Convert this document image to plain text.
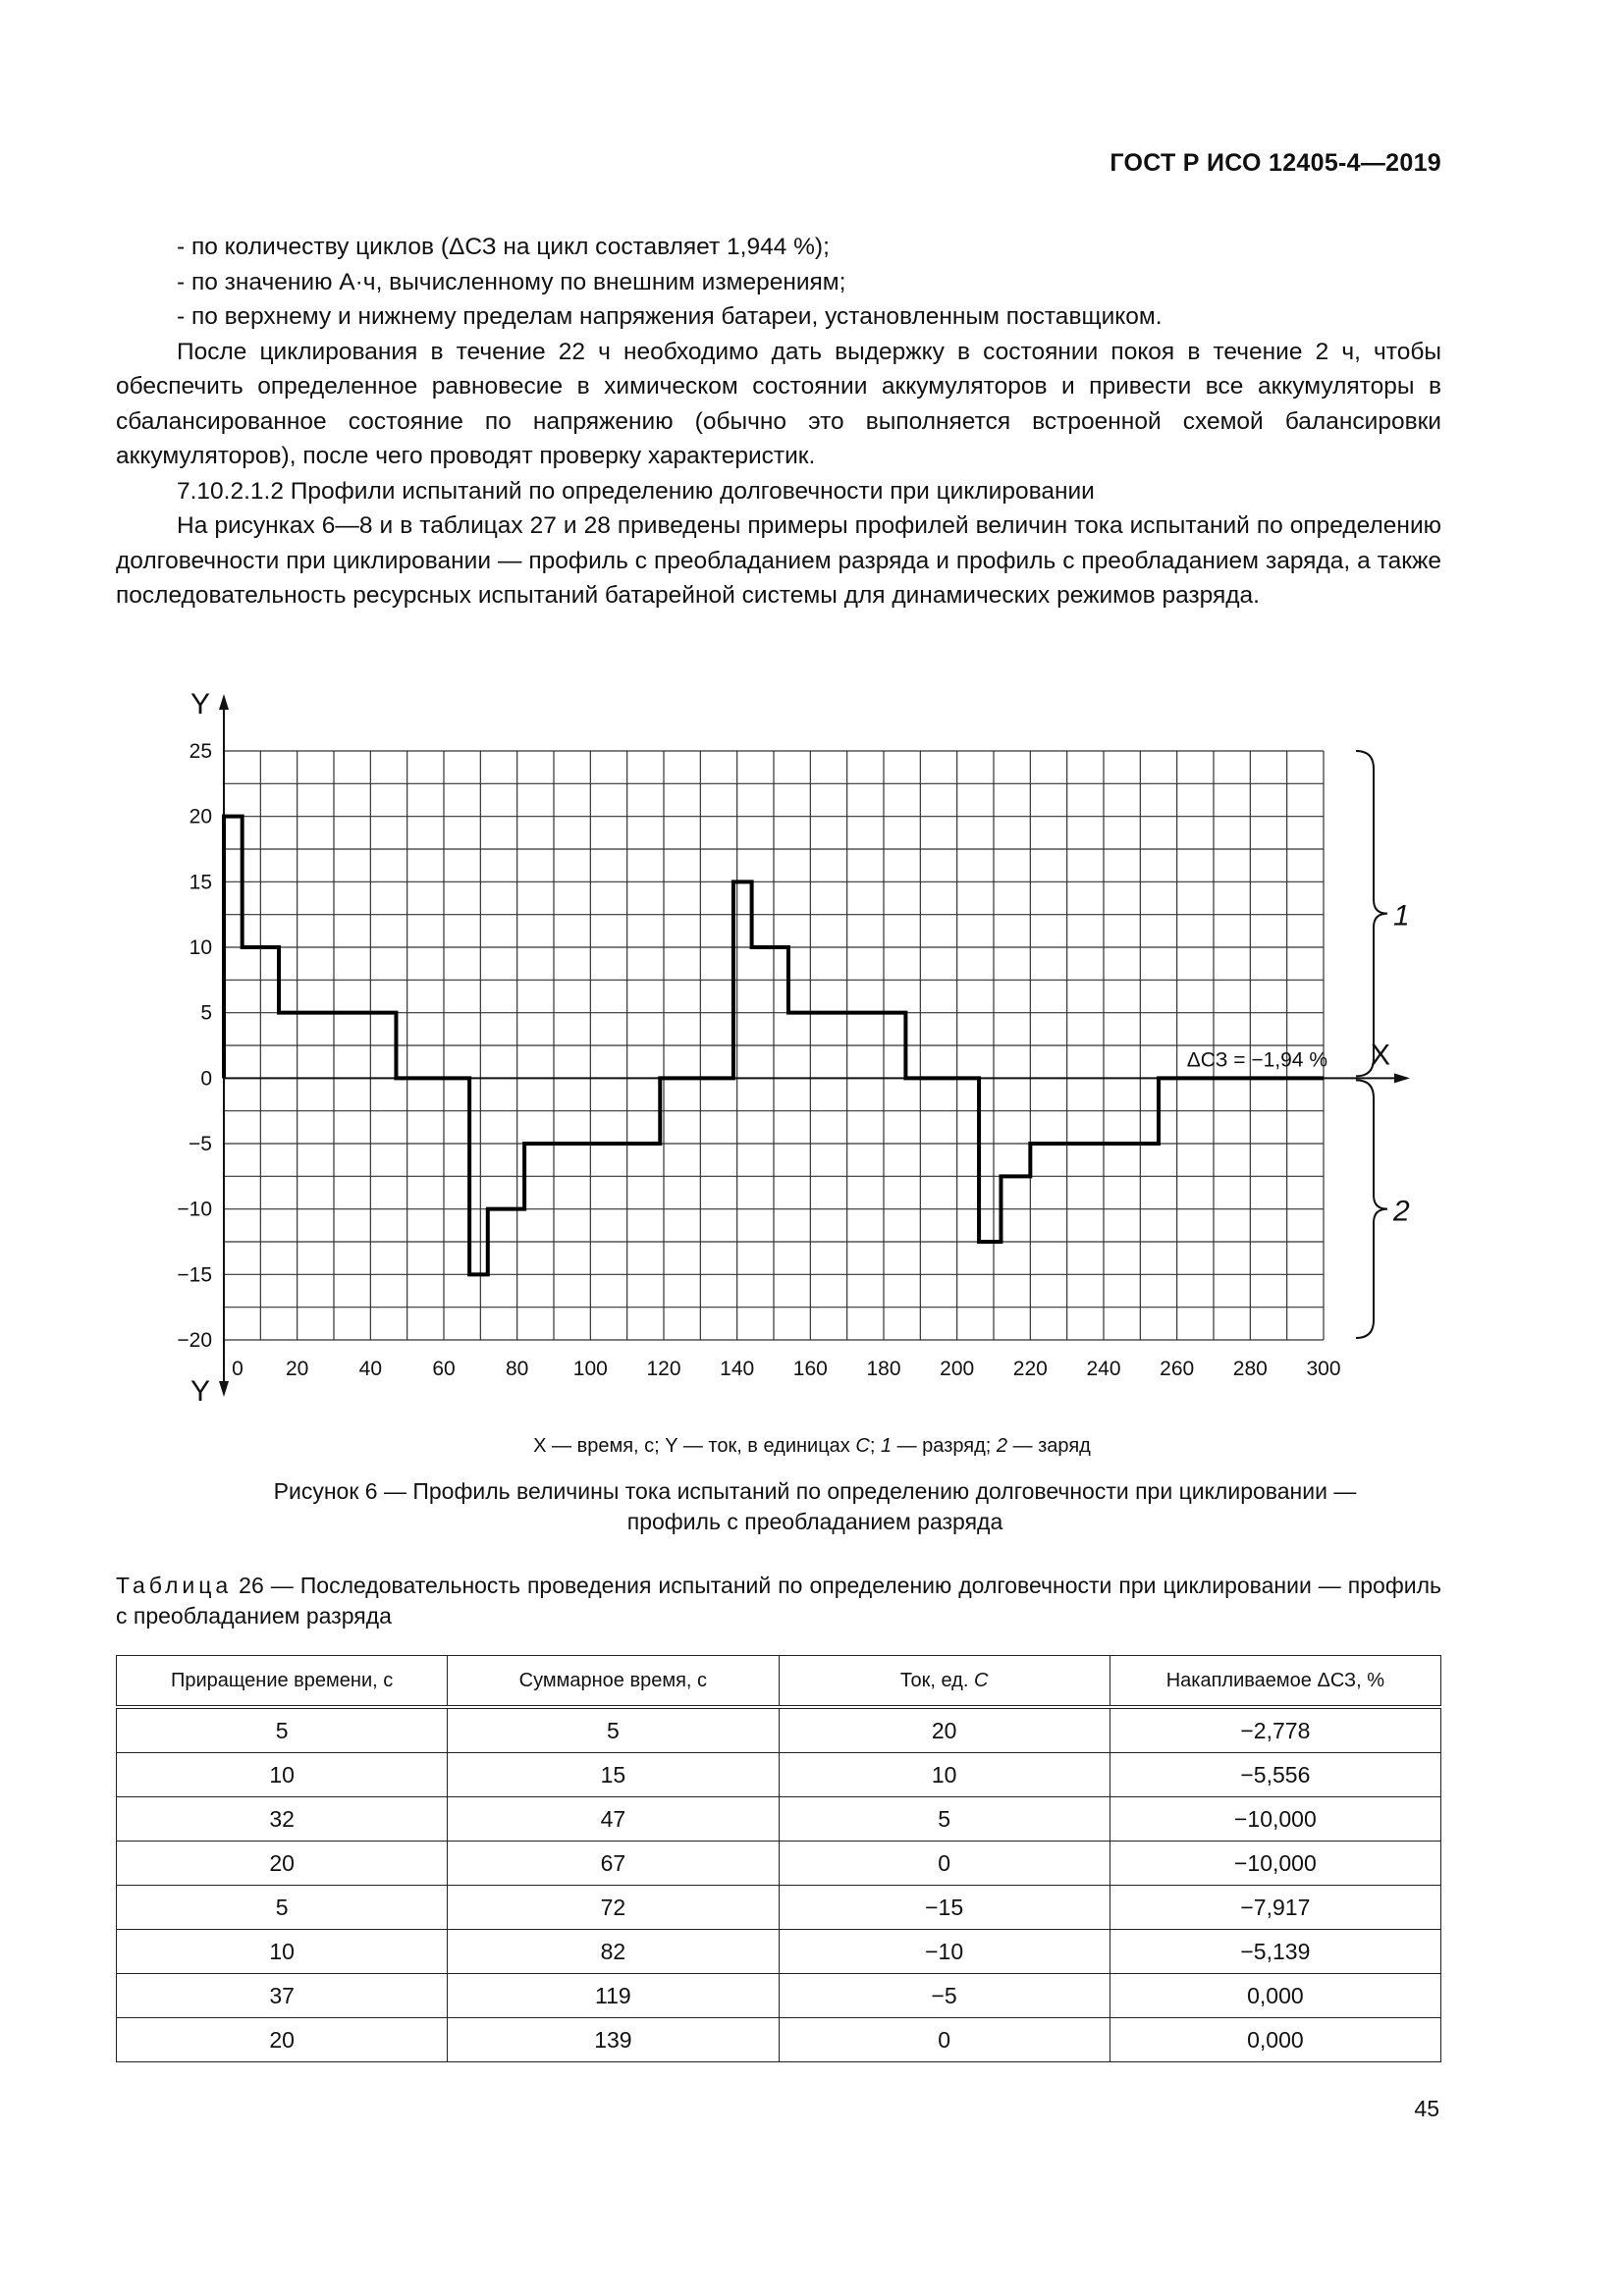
ГОСТ Р ИСО 12405-4—2019

- по количеству циклов (ΔСЗ на цикл составляет 1,944 %);

- по значению А·ч, вычисленному по внешним измерениям;

- по верхнему и нижнему пределам напряжения батареи, установленным поставщиком.

После циклирования в течение 22 ч необходимо дать выдержку в состоянии покоя в течение 2 ч, чтобы обеспечить определенное равновесие в химическом состоянии аккумуляторов и привести все аккумуляторы в сбалансированное состояние по напряжению (обычно это выполняется встроенной схемой балансировки аккумуляторов), после чего проводят проверку характеристик.

7.10.2.1.2 Профили испытаний по определению долговечности при циклировании

На рисунках 6—8 и в таблицах 27 и 28 приведены примеры профилей величин тока испытаний по определению долговечности при циклировании — профиль с преобладанием разряда и профиль с преобладанием заряда, а также последовательность ресурсных испытаний батарейной системы для динамических режимов разряда.

Y
Y
X
25
20
15
10
5
0
−5
−10
−15
−20
0 20 40 60 80 100 120 140 160 180 200 220 240 260 280 300
ΔСЗ = −1,94 %
1
2
X — время, с; Y — ток, в единицах C; 1 — разряд; 2 — заряд
Рисунок 6 — Профиль величины тока испытаний по определению долговечности при циклировании —
профиль с преобладанием разряда
Таблица 26 — Последовательность проведения испытаний по определению долговечности при циклировании — профиль с преобладанием разряда
Приращение времени, с	Суммарное время, с	Ток, ед. C	Накапливаемое ΔСЗ, %
5	5	20	−2,778
10	15	10	−5,556
32	47	5	−10,000
20	67	0	−10,000
5	72	−15	−7,917
10	82	−10	−5,139
37	119	−5	0,000
20	139	0	0,000
45
